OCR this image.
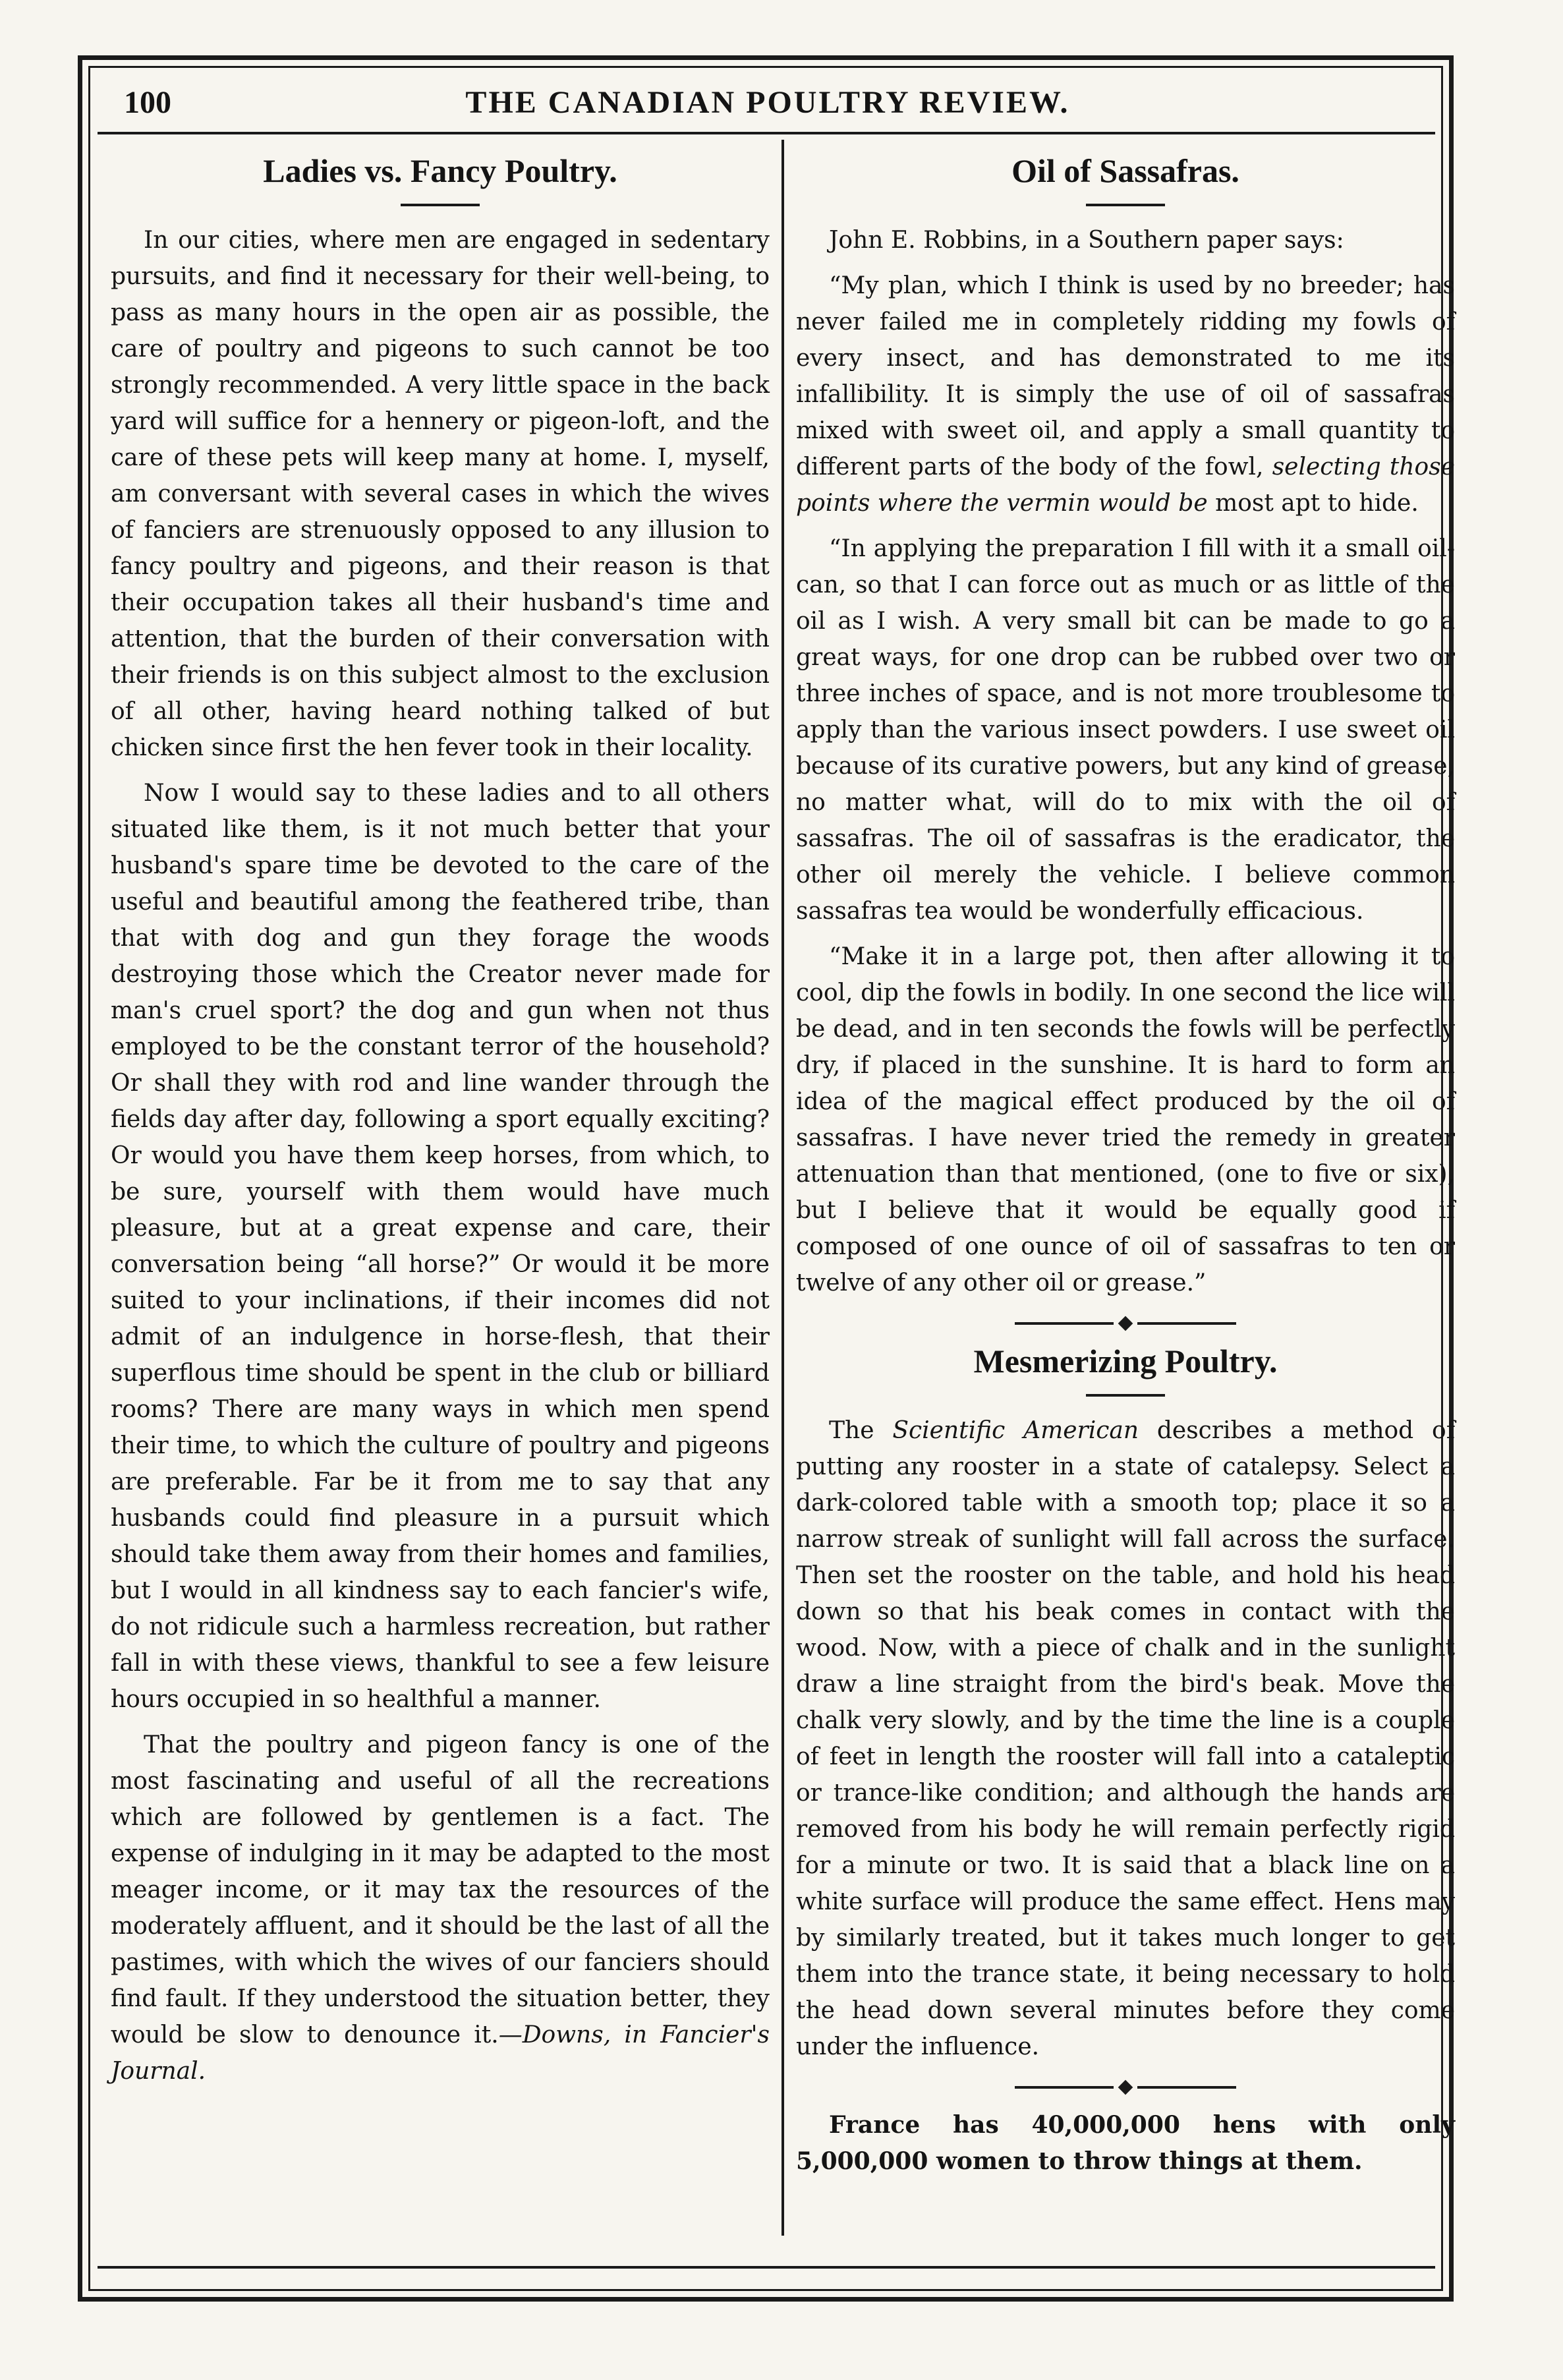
100	THE CANADIAN POULTRY REVIEW.
Ladies vs. Fancy Poultry.

In our cities, where men are engaged in sedentary pursuits, and find it necessary for their well-being, to pass as many hours in the open air as possible, the care of poultry and pigeons to such cannot be too strongly recommended. A very little space in the back yard will suffice for a hennery or pigeon-loft, and the care of these pets will keep many at home. I, myself, am conversant with several cases in which the wives of fanciers are strenuously opposed to any illusion to fancy poultry and pigeons, and their reason is that their occupation takes all their husband's time and attention, that the burden of their conversation with their friends is on this subject almost to the exclusion of all other, having heard nothing talked of but chicken since first the hen fever took in their locality.

Now I would say to these ladies and to all others situated like them, is it not much better that your husband's spare time be devoted to the care of the useful and beautiful among the feathered tribe, than that with dog and gun they forage the woods destroying those which the Creator never made for man's cruel sport? the dog and gun when not thus employed to be the constant terror of the household? Or shall they with rod and line wander through the fields day after day, following a sport equally exciting? Or would you have them keep horses, from which, to be sure, yourself with them would have much pleasure, but at a great expense and care, their conversation being “all horse?” Or would it be more suited to your inclinations, if their incomes did not admit of an indulgence in horse-flesh, that their superflous time should be spent in the club or billiard rooms? There are many ways in which men spend their time, to which the culture of poultry and pigeons are preferable. Far be it from me to say that any husbands could find pleasure in a pursuit which should take them away from their homes and families, but I would in all kindness say to each fancier's wife, do not ridicule such a harmless recreation, but rather fall in with these views, thankful to see a few leisure hours occupied in so healthful a manner.

That the poultry and pigeon fancy is one of the most fascinating and useful of all the recreations which are followed by gentlemen is a fact. The expense of indulging in it may be adapted to the most meager income, or it may tax the resources of the moderately affluent, and it should be the last of all the pastimes, with which the wives of our fanciers should find fault. If they understood the situation better, they would be slow to denounce it.—Downs, in Fancier's Journal.

Oil of Sassafras.

John E. Robbins, in a Southern paper says:

“My plan, which I think is used by no breeder; has never failed me in completely ridding my fowls of every insect, and has demonstrated to me its infallibility. It is simply the use of oil of sassafras mixed with sweet oil, and apply a small quantity to different parts of the body of the fowl, selecting those points where the vermin would be most apt to hide.

“In applying the preparation I fill with it a small oil-can, so that I can force out as much or as little of the oil as I wish. A very small bit can be made to go a great ways, for one drop can be rubbed over two or three inches of space, and is not more troublesome to apply than the various insect powders. I use sweet oil because of its curative powers, but any kind of grease, no matter what, will do to mix with the oil of sassafras. The oil of sassafras is the eradicator, the other oil merely the vehicle. I believe common sassafras tea would be wonderfully efficacious.

“Make it in a large pot, then after allowing it to cool, dip the fowls in bodily. In one second the lice will be dead, and in ten seconds the fowls will be perfectly dry, if placed in the sunshine. It is hard to form an idea of the magical effect produced by the oil of sassafras. I have never tried the remedy in greater attenuation than that mentioned, (one to five or six), but I believe that it would be equally good if composed of one ounce of oil of sassafras to ten or twelve of any other oil or grease.”

Mesmerizing Poultry.

The Scientific American describes a method of putting any rooster in a state of catalepsy. Select a dark-colored table with a smooth top; place it so a narrow streak of sunlight will fall across the surface. Then set the rooster on the table, and hold his head down so that his beak comes in contact with the wood. Now, with a piece of chalk and in the sunlight draw a line straight from the bird's beak. Move the chalk very slowly, and by the time the line is a couple of feet in length the rooster will fall into a cataleptic or trance-like condition; and although the hands are removed from his body he will remain perfectly rigid for a minute or two. It is said that a black line on a white surface will produce the same effect. Hens may by similarly treated, but it takes much longer to get them into the trance state, it being necessary to hold the head down several minutes before they come under the influence.

France has 40,000,000 hens with only 5,000,000 women to throw things at them.
